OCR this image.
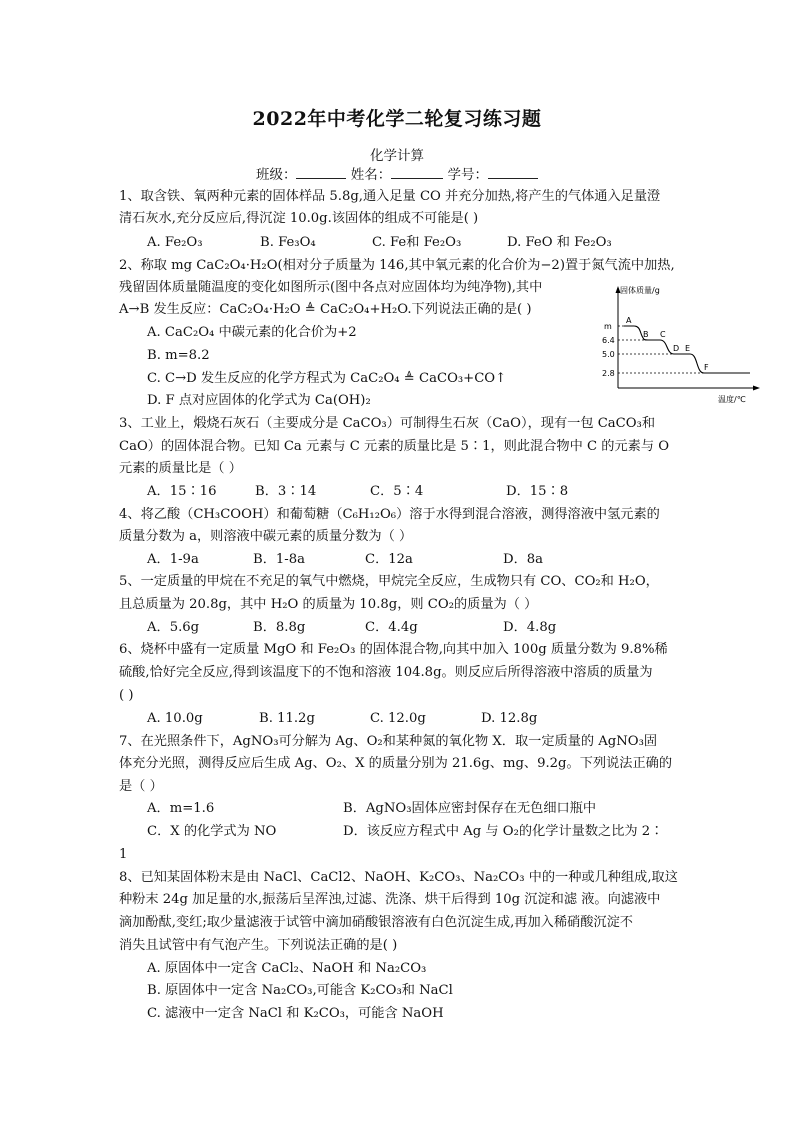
2022年中考化学二轮复习练习题
化学计算
班级：	姓名：	学号：
1、取含铁、氧两种元素的固体样品 5.8g,通入足量 CO 并充分加热,将产生的气体通入足量澄
清石灰水,充分反应后,得沉淀 10.0g.该固体的组成不可能是( )
A. Fe₂O₃	B. Fe₃O₄	C. Fe和 Fe₂O₃	D. FeO 和 Fe₂O₃
2、称取 mg CaC₂O₄·H₂O(相对分子质量为 146,其中氧元素的化合价为−2)置于氮气流中加热,
残留固体质量随温度的变化如图所示(图中各点对应固体均为纯净物),其中
A→B 发生反应：CaC₂O₄·H₂O ≜ CaC₂O₄+H₂O.下列说法正确的是( )
A. CaC₂O₄ 中碳元素的化合价为+2
B. m=8.2
C. C→D 发生反应的化学方程式为 CaC₂O₄ ≜ CaCO₃+CO↑
D. F 点对应固体的化学式为 Ca(OH)₂
固体质量/g
温度/℃
m
6.4
5.0
2.8
A
B C
D E
F
3、工业上，煅烧石灰石（主要成分是 CaCO₃）可制得生石灰（CaO），现有一包 CaCO₃和
CaO）的固体混合物。已知 Ca 元素与 C 元素的质量比是 5∶1，则此混合物中 C 的元素与 O
元素的质量比是（ ）
A．15∶16	B．3∶14	C．5∶4	D．15∶8
4、将乙酸（CH₃COOH）和葡萄糖（C₆H₁₂O₆）溶于水得到混合溶液，测得溶液中氢元素的
质量分数为 a，则溶液中碳元素的质量分数为（ ）
A．1-9a	B．1-8a	C．12a	D．8a
5、一定质量的甲烷在不充足的氧气中燃烧，甲烷完全反应，生成物只有 CO、CO₂和 H₂O，
且总质量为 20.8g，其中 H₂O 的质量为 10.8g，则 CO₂的质量为（ ）
A．5.6g	B．8.8g	C．4.4g	D．4.8g
6、烧杯中盛有一定质量 MgO 和 Fe₂O₃ 的固体混合物,向其中加入 100g 质量分数为 9.8%稀
硫酸,恰好完全反应,得到该温度下的不饱和溶液 104.8g。则反应后所得溶液中溶质的质量为
( )
A. 10.0g	B. 11.2g	C. 12.0g	D. 12.8g
7、在光照条件下，AgNO₃可分解为 Ag、O₂和某种氮的氧化物 X．取一定质量的 AgNO₃固
体充分光照，测得反应后生成 Ag、O₂、X 的质量分别为 21.6g、mg、9.2g。下列说法正确的
是（ ）
A．m=1.6	B．AgNO₃固体应密封保存在无色细口瓶中
C．X 的化学式为 NO	D．该反应方程式中 Ag 与 O₂的化学计量数之比为 2∶
1
8、已知某固体粉末是由 NaCl、CaCl2、NaOH、K₂CO₃、Na₂CO₃ 中的一种或几种组成,取这
种粉末 24g 加足量的水,振荡后呈浑浊,过滤、洗涤、烘干后得到 10g 沉淀和滤 液。向滤液中
滴加酚酞,变红;取少量滤液于试管中滴加硝酸银溶液有白色沉淀生成,再加入稀硝酸沉淀不
消失且试管中有气泡产生。下列说法正确的是( )
A. 原固体中一定含 CaCl₂、NaOH 和 Na₂CO₃
B. 原固体中一定含 Na₂CO₃,可能含 K₂CO₃和 NaCl
C. 滤液中一定含 NaCl 和 K₂CO₃，可能含 NaOH
